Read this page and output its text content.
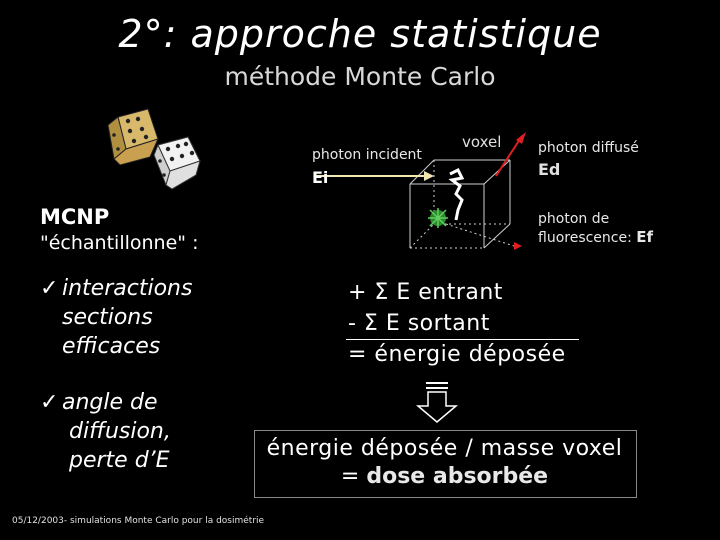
2°: approche statistique
méthode Monte Carlo
MCNP
"échantillonne" :
✓ interactions
sections
efficaces
✓ angle de
diffusion,
perte d’E
photon incident
Ei
voxel	photon diffusé
Ed
photon de
fluorescence: Ef
+ Σ E entrant
- Σ E sortant
= énergie déposée
énergie déposée / masse voxel
= dose absorbée
05/12/2003- simulations Monte Carlo pour la dosimétrie
